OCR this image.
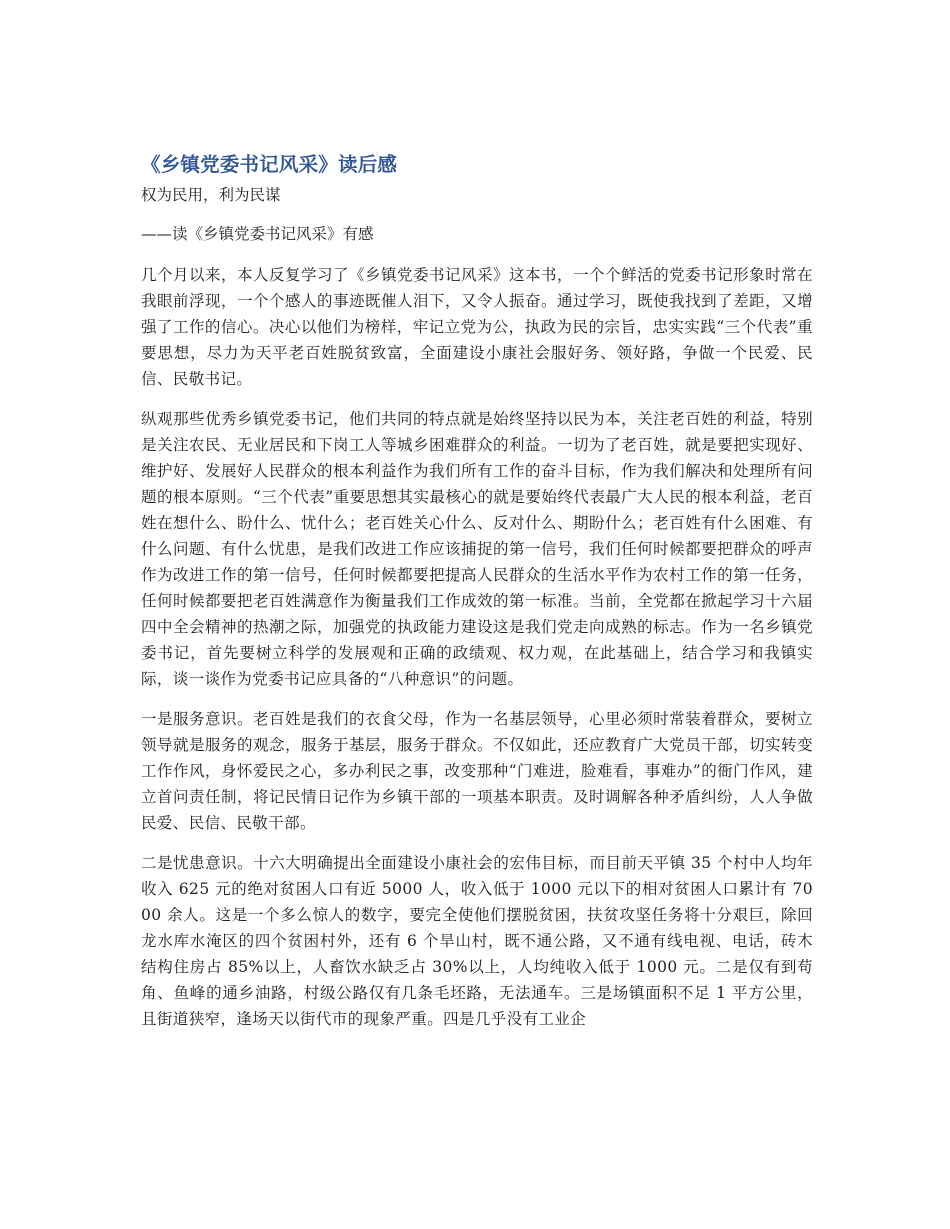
《乡镇党委书记风采》读后感

权为民用，利为民谋

——读《乡镇党委书记风采》有感

几个月以来，本人反复学习了《乡镇党委书记风采》这本书，一个个鲜活的党委书记形象时常在我眼前浮现，一个个感人的事迹既催人泪下，又令人振奋。通过学习，既使我找到了差距，又增强了工作的信心。决心以他们为榜样，牢记立党为公，执政为民的宗旨，忠实实践“三个代表”重要思想，尽力为天平老百姓脱贫致富，全面建设小康社会服好务、领好路，争做一个民爱、民信、民敬书记。

纵观那些优秀乡镇党委书记，他们共同的特点就是始终坚持以民为本，关注老百姓的利益，特别是关注农民、无业居民和下岗工人等城乡困难群众的利益。一切为了老百姓，就是要把实现好、维护好、发展好人民群众的根本利益作为我们所有工作的奋斗目标，作为我们解决和处理所有问题的根本原则。“三个代表”重要思想其实最核心的就是要始终代表最广大人民的根本利益，老百姓在想什么、盼什么、忧什么；老百姓关心什么、反对什么、期盼什么；老百姓有什么困难、有什么问题、有什么忧患，是我们改进工作应该捕捉的第一信号，我们任何时候都要把群众的呼声作为改进工作的第一信号，任何时候都要把提高人民群众的生活水平作为农村工作的第一任务，任何时候都要把老百姓满意作为衡量我们工作成效的第一标准。当前，全党都在掀起学习十六届四中全会精神的热潮之际，加强党的执政能力建设这是我们党走向成熟的标志。作为一名乡镇党委书记，首先要树立科学的发展观和正确的政绩观、权力观，在此基础上，结合学习和我镇实际，谈一谈作为党委书记应具备的“八种意识”的问题。

一是服务意识。老百姓是我们的衣食父母，作为一名基层领导，心里必须时常装着群众，要树立领导就是服务的观念，服务于基层，服务于群众。不仅如此，还应教育广大党员干部，切实转变工作作风，身怀爱民之心，多办利民之事，改变那种“门难进，脸难看，事难办”的衙门作风，建立首问责任制，将记民情日记作为乡镇干部的一项基本职责。及时调解各种矛盾纠纷，人人争做民爱、民信、民敬干部。

二是忧患意识。十六大明确提出全面建设小康社会的宏伟目标，而目前天平镇 35 个村中人均年收入 625 元的绝对贫困人口有近 5000 人，收入低于 1000 元以下的相对贫困人口累计有 7000 余人。这是一个多么惊人的数字，要完全使他们摆脱贫困，扶贫攻坚任务将十分艰巨，除回龙水库水淹区的四个贫困村外，还有 6 个旱山村，既不通公路，又不通有线电视、电话，砖木结构住房占 85%以上，人畜饮水缺乏占 30%以上，人均纯收入低于 1000 元。二是仅有到苟角、鱼峰的通乡油路，村级公路仅有几条毛坯路，无法通车。三是场镇面积不足 1 平方公里，且街道狭窄，逢场天以街代市的现象严重。四是几乎没有工业企
